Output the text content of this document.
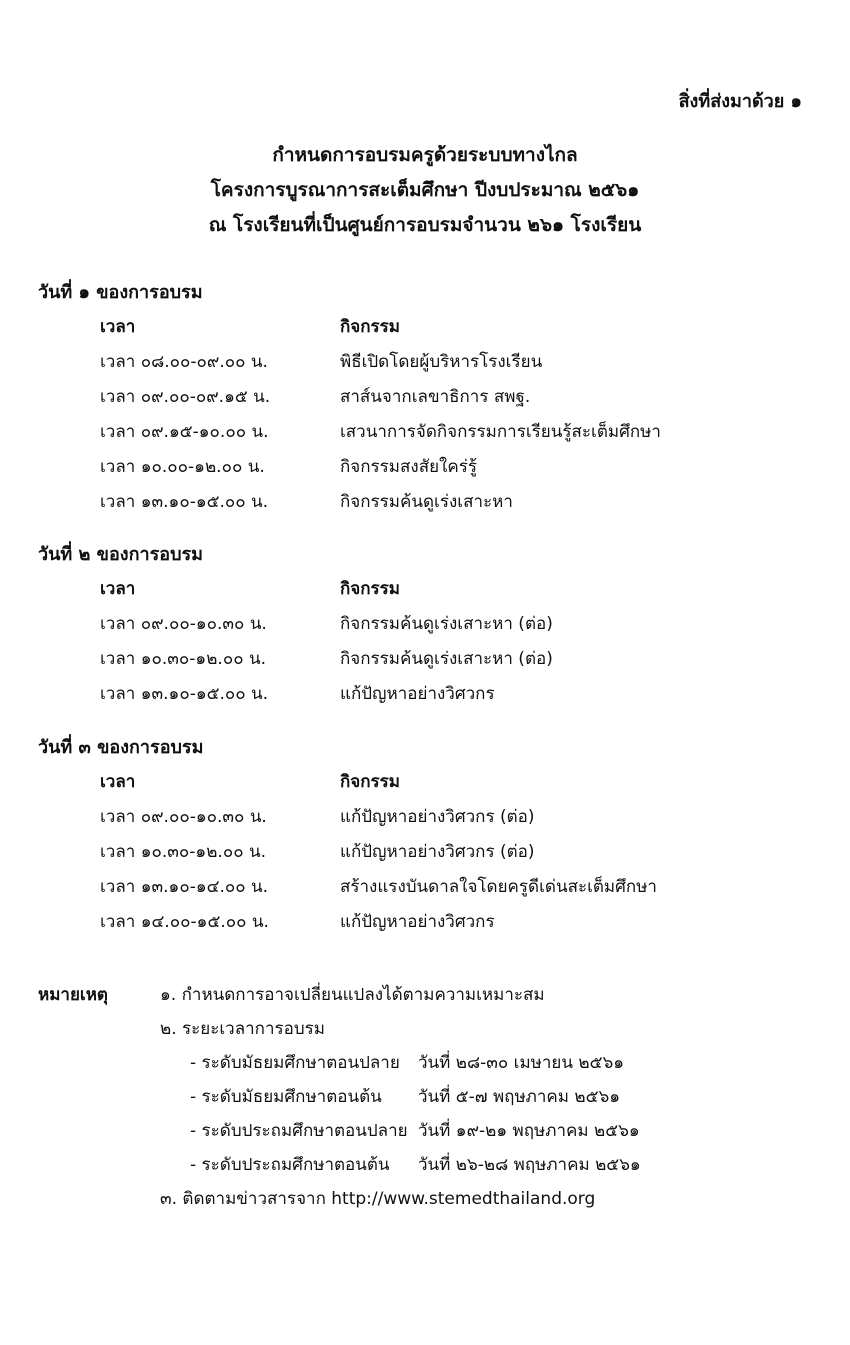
สิ่งที่ส่งมาด้วย ๑
กำหนดการอบรมครูด้วยระบบทางไกล
โครงการบูรณาการสะเต็มศึกษา ปีงบประมาณ ๒๕๖๑
ณ โรงเรียนที่เป็นศูนย์การอบรมจำนวน ๒๖๑ โรงเรียน
วันที่ ๑ ของการอบรม
เวลา	กิจกรรม
เวลา ๐๘.๐๐-๐๙.๐๐ น.	พิธีเปิดโดยผู้บริหารโรงเรียน
เวลา ๐๙.๐๐-๐๙.๑๕ น.	สาส์นจากเลขาธิการ สพฐ.
เวลา ๐๙.๑๕-๑๐.๐๐ น.	เสวนาการจัดกิจกรรมการเรียนรู้สะเต็มศึกษา
เวลา ๑๐.๐๐-๑๒.๐๐ น.	กิจกรรมสงสัยใคร่รู้
เวลา ๑๓.๑๐-๑๕.๐๐ น.	กิจกรรมค้นดูเร่งเสาะหา
วันที่ ๒ ของการอบรม
เวลา	กิจกรรม
เวลา ๐๙.๐๐-๑๐.๓๐ น.	กิจกรรมค้นดูเร่งเสาะหา (ต่อ)
เวลา ๑๐.๓๐-๑๒.๐๐ น.	กิจกรรมค้นดูเร่งเสาะหา (ต่อ)
เวลา ๑๓.๑๐-๑๕.๐๐ น.	แก้ปัญหาอย่างวิศวกร
วันที่ ๓ ของการอบรม
เวลา	กิจกรรม
เวลา ๐๙.๐๐-๑๐.๓๐ น.	แก้ปัญหาอย่างวิศวกร (ต่อ)
เวลา ๑๐.๓๐-๑๒.๐๐ น.	แก้ปัญหาอย่างวิศวกร (ต่อ)
เวลา ๑๓.๑๐-๑๔.๐๐ น.	สร้างแรงบันดาลใจโดยครูดีเด่นสะเต็มศึกษา
เวลา ๑๔.๐๐-๑๕.๐๐ น.	แก้ปัญหาอย่างวิศวกร
หมายเหตุ	๑. กำหนดการอาจเปลี่ยนแปลงได้ตามความเหมาะสม
๒. ระยะเวลาการอบรม
- ระดับมัธยมศึกษาตอนปลาย	วันที่ ๒๘-๓๐ เมษายน ๒๕๖๑
- ระดับมัธยมศึกษาตอนต้น	วันที่ ๕-๗ พฤษภาคม ๒๕๖๑
- ระดับประถมศึกษาตอนปลาย วันที่ ๑๙-๒๑ พฤษภาคม ๒๕๖๑
- ระดับประถมศึกษาตอนต้น	วันที่ ๒๖-๒๘ พฤษภาคม ๒๕๖๑
๓. ติดตามข่าวสารจาก http://www.stemedthailand.org
